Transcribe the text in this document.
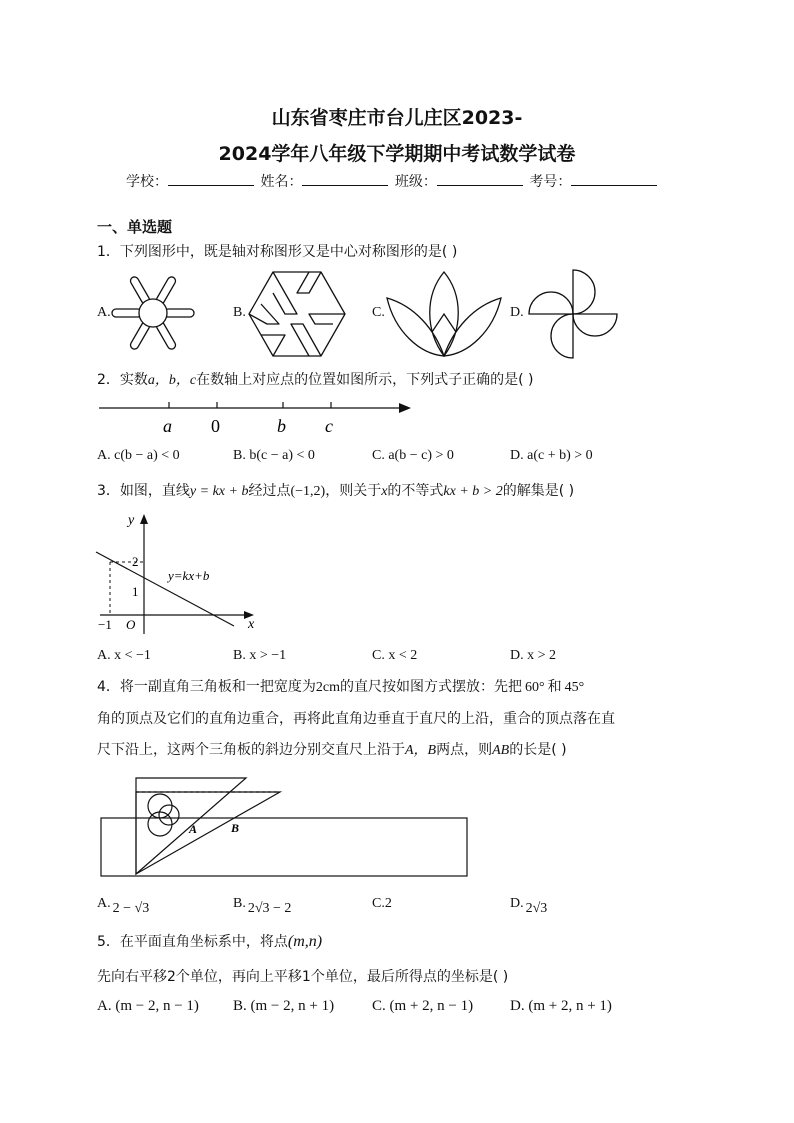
山东省枣庄市台儿庄区2023-
2024学年八年级下学期期中考试数学试卷
学校：	姓名：	班级：	考号：
一、单选题
1．下列图形中，既是轴对称图形又是中心对称图形的是( )
A.	B.	C.	D.
2．实数a，b，c在数轴上对应点的位置如图所示，下列式子正确的是( )
a 0	b c
A. c(b − a) < 0	B. b(c − a) < 0	C. a(b − c) > 0	D. a(c + b) > 0
3．如图，直线y = kx + b经过点(−1,2)，则关于x的不等式kx + b > 2的解集是( )
y
x
O
2
1
−1
y=kx+b
A. x < −1	B. x > −1	C. x < 2	D. x > 2
4．将一副直角三角板和一把宽度为2cm的直尺按如图方式摆放：先把 60° 和 45°
角的顶点及它们的直角边重合，再将此直角边垂直于直尺的上沿，重合的顶点落在直
尺下沿上，这两个三角板的斜边分别交直尺上沿于A，B两点，则AB的长是( )
A	B
A. 2 − √3	B. 2√3 − 2	C.2	D. 2√3
5．在平面直角坐标系中，将点(m,n)
先向右平移2个单位，再向上平移1个单位，最后所得点的坐标是( )
A. (m − 2, n − 1) B. (m − 2, n + 1)	C. (m + 2, n − 1) D. (m + 2, n + 1)
